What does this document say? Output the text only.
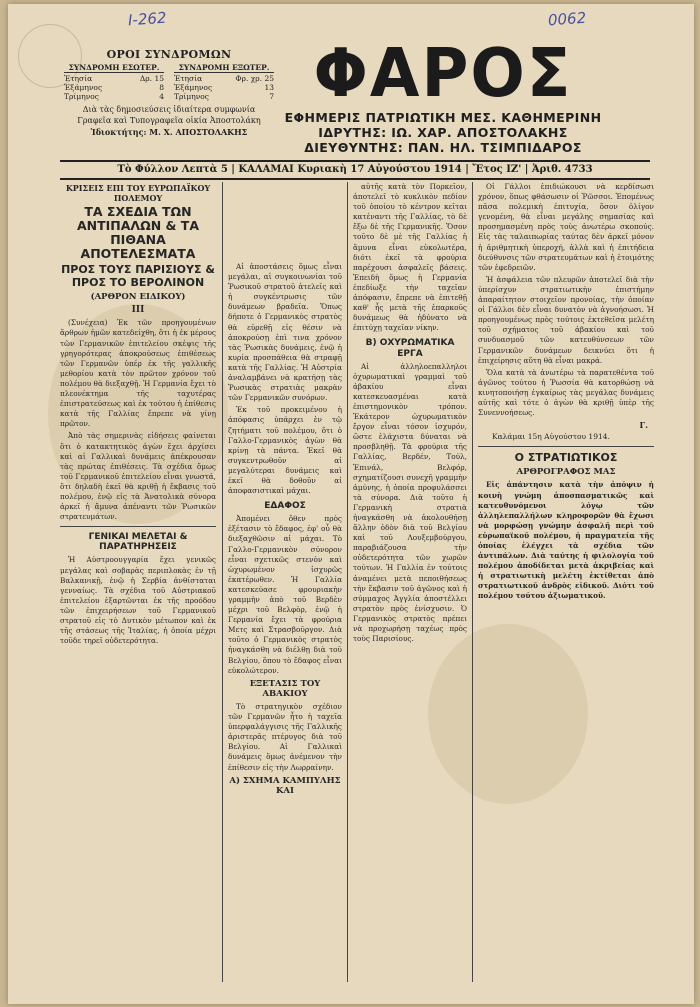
Ι-262	0062
ΟΡΟΙ ΣΥΝΔΡΟΜΩΝ
ΣΥΝΔΡΟΜΗ ΕΣΩΤΕΡ.
Ἐτησία	Δρ. 15
Ἑξάμηνος	8
Τρίμηνος	4
ΣΥΝΔΡΟΜΗ ΕΞΩΤΕΡ.
Ἐτησία	Φρ. χρ. 25
Ἑξάμηνος	13
Τρίμηνος	7
Διὰ τὰς δημοσιεύσεις ἰδιαίτερα συμφωνία
Γραφεῖα καὶ Τυπογραφεῖα οἰκία Ἀποστολάκη
Ἰδιοκτήτης: Μ. Χ. ΑΠΟΣΤΟΛΑΚΗΣ
ΦΑΡΟΣ
ΕΦΗΜΕΡΙΣ ΠΑΤΡΙΩΤΙΚΗ ΜΕΣ. ΚΑΘΗΜΕΡΙΝΗ
ΙΔΡΥΤΗΣ: ΙΩ. ΧΑΡ. ΑΠΟΣΤΟΛΑΚΗΣ
ΔΙΕΥΘΥΝΤΗΣ: ΠΑΝ. ΗΛ. ΤΣΙΜΠΙΔΑΡΟΣ
Τὸ Φύλλον Λεπτὰ 5 | ΚΑΛΑΜΑΙ Κυριακὴ 17 Αὐγούστου 1914 | Ἔτος ΙΖ' | Ἀριθ. 4733
ΚΡΙΣΕΙΣ ΕΠΙ ΤΟΥ ΕΥΡΩΠΑΪΚΟΥ ΠΟΛΕΜΟΥ
ΤΑ ΣΧΕΔΙΑ ΤΩΝ ΑΝΤΙΠΑΛΩΝ & ΤΑ ΠΙΘΑΝΑ ΑΠΟΤΕΛΕΣΜΑΤΑ
ΠΡΟΣ ΤΟΥΣ ΠΑΡΙΣΙΟΥΣ & ΠΡΟΣ ΤΟ ΒΕΡΟΛΙΝΟΝ
(ΑΡΘΡΟΝ ΕΙΔΙΚΟΥ)
ΙΙΙ

(Συνέχεια) Ἐκ τῶν προηγουμένων ἄρθρων ἡμῶν κατεδείχθη, ὅτι ἡ ἐκ μέρους τῶν Γερμανικῶν ἐπιτελείου σκέψις τῆς γρηγορότερας ἀποκρούσεως ἐπιθέσεως τῶν Γερμανῶν ὑπέρ ἐκ τῆς γαλλικῆς μεθορίου κατὰ τὸν πρῶτον χρόνον τοῦ πολέμου θὰ διεξαχθῇ. Ἡ Γερμανία ἔχει τὸ πλεονέκτημα τῆς ταχυτέρας ἐπιστρατεύσεως καὶ ἐκ τούτου ἡ ἐπίθεσις κατὰ τῆς Γαλλίας ἔπρεπε νὰ γίνῃ πρῶτον.

Ἀπὸ τὰς σημερινὰς εἰδήσεις φαίνεται ὅτι ὁ κατακτητικὸς ἀγὼν ἔχει ἀρχίσει καὶ αἱ Γαλλικαὶ δυνάμεις ἀπέκρουσαν τὰς πρώτας ἐπιθέσεις. Τὰ σχέδια ὅμως τοῦ Γερμανικοῦ ἐπιτελείου εἶναι γνωστά, ὅτι δηλαδὴ ἐκεῖ θὰ κριθῇ ἡ ἔκβασις τοῦ πολέμου, ἐνῷ εἰς τὰ Ἀνατολικὰ σύνορα ἀρκεῖ ἡ ἄμυνα ἀπέναντι τῶν Ῥωσικῶν στρατευμάτων.

ΓΕΝΙΚΑΙ ΜΕΛΕΤΑΙ & ΠΑΡΑΤΗΡΗΣΕΙΣ

Ἡ Αὐστροουγγαρία ἔχει γενικῶς μεγάλας καὶ σοβαρὰς περιπλοκὰς ἐν τῇ Βαλκανικῇ, ἐνῷ ἡ Σερβία ἀνθίσταται γενναίως. Τὰ σχέδια τοῦ Αὐστριακοῦ ἐπιτελείου ἐξαρτῶνται ἐκ τῆς προόδου τῶν ἐπιχειρήσεων τοῦ Γερμανικοῦ στρατοῦ εἰς τὸ Δυτικὸν μέτωπον καὶ ἐκ τῆς στάσεως τῆς Ἰταλίας, ἡ ὁποία μέχρι τοῦδε τηρεῖ οὐδετερότητα.

Αἱ ἀποστάσεις ὅμως εἶναι μεγάλαι, αἱ συγκοινωνίαι τοῦ Ῥωσικοῦ στρατοῦ ἀτελεῖς καὶ ἡ συγκέντρωσις τῶν δυνάμεων βραδεῖα. Ὅπως δήποτε ὁ Γερμανικὸς στρατὸς θὰ εὑρεθῇ εἰς θέσιν νὰ ἀποκρούσῃ ἐπὶ τινα χρόνον τὰς Ῥωσικὰς δυνάμεις, ἐνῷ ἡ κυρία προσπάθεια θὰ στραφῇ κατὰ τῆς Γαλλίας. Ἡ Αὐστρία ἀναλαμβάνει νὰ κρατήσῃ τὰς Ῥωσικὰς στρατιὰς μακρὰν τῶν Γερμανικῶν συνόρων.

Ἐκ τοῦ προκειμένου ἡ ἀπόφασις ὑπάρχει ἐν τῷ ζητήματι τοῦ πολέμου, ὅτι ὁ Γαλλο-Γερμανικὸς ἀγὼν θὰ κρίνῃ τὰ πάντα. Ἐκεῖ θὰ συγκεντρωθοῦν αἱ μεγαλύτεραι δυνάμεις καὶ ἐκεῖ θὰ δοθοῦν αἱ ἀποφασιστικαὶ μάχαι.

ΕΔΑΦΟΣ

Ἀπομένει ὅθεν πρὸς ἐξέτασιν τὸ ἔδαφος, ἐφ' οὗ θὰ διεξαχθῶσιν αἱ μάχαι. Τὸ Γαλλο-Γερμανικὸν σύνορον εἶναι σχετικῶς στενὸν καὶ ὠχυρωμένον ἰσχυρῶς ἐκατέρωθεν. Ἡ Γαλλία κατεσκεύασε φρουριακὴν γραμμὴν ἀπὸ τοῦ Βερδὲν μέχρι τοῦ Βελφὸρ, ἐνῷ ἡ Γερμανία ἔχει τὰ φρούρια Μετς καὶ Στρασβοῦργον. Διὰ τοῦτο ὁ Γερμανικὸς στρατὸς ἠναγκάσθη νὰ διέλθῃ διὰ τοῦ Βελγίου, ὅπου τὸ ἔδαφος εἶναι εὐκολώτερον.

ΕΞΕΤΑΣΙΣ ΤΟΥ ΑΒΑΚΙΟΥ

Τὸ στρατηγικὸν σχέδιον τῶν Γερμανῶν ἦτο ἡ ταχεῖα ὑπερφαλάγγισις τῆς Γαλλικῆς ἀριστερᾶς πτέρυγος διὰ τοῦ Βελγίου. Αἱ Γαλλικαὶ δυνάμεις ὅμως ἀνέμενον τὴν ἐπίθεσιν εἰς τὴν Λωρραίνην.

Α) ΣΧΗΜΑ ΚΑΜΠΥΛΗΣ ΚΑΙ

αὐτῆς κατὰ τὸν Πορκεῖον, ἀποτελεῖ τὸ κυκλικὸν πεδίον τοῦ ὁποίου τὸ κέντρον κεῖται κατέναντι τῆς Γαλλίας, τὸ δὲ ἔξω δὲ τῆς Γερμανικῆς. Ὅσον τοῦτο δὲ μὲ τῆς Γαλλίας ἡ ἄμυνα εἶναι εὐκολωτέρα, διότι ἐκεῖ τὰ φρούρια παρέχουσι ἀσφαλεῖς βάσεις. Ἐπειδὴ ὅμως ἡ Γερμανία ἐπεδίωξε τὴν ταχεῖαν ἀπόφασιν, ἔπρεπε νὰ ἐπιτεθῇ καθ' ἧς μετὰ τῆς ἐπαρκοῦς δυνάμεως θὰ ἠδύνατο νὰ ἐπιτύχῃ ταχεῖαν νίκην.

Β) ΟΧΥΡΩΜΑΤΙΚΑ ΕΡΓΑ

Αἱ ἀλληλοεπαλληλοι ὀχυρωματικαὶ γραμμαὶ τοῦ ἀβακίου εἶναι κατεσκευασμέναι κατὰ ἐπιστημονικὸν τρόπον. Ἐκάτερον ὠχυρωματικὸν ἔργον εἶναι τόσον ἰσχυρόν, ὥστε ἐλάχιστα δύναται νὰ προσβληθῇ. Τὰ φρούρια τῆς Γαλλίας, Βερδέν, Τούλ, Ἐπινάλ, Βελφόρ, σχηματίζουσι συνεχῆ γραμμὴν ἀμύνης, ἡ ὁποία προφυλάσσει τὰ σύνορα. Διὰ τοῦτο ἡ Γερμανικὴ στρατιὰ ἠναγκάσθη νὰ ἀκολουθήσῃ ἄλλην ὁδὸν διὰ τοῦ Βελγίου καὶ τοῦ Λουξεμβούργου, παραβιάζουσα τὴν οὐδετερότητα τῶν χωρῶν τούτων. Ἡ Γαλλία ἐν τούτοις ἀναμένει μετὰ πεποιθήσεως τὴν ἔκβασιν τοῦ ἀγῶνος καὶ ἡ σύμμαχος Ἀγγλία ἀποστέλλει στρατὸν πρὸς ἐνίσχυσιν. Ὁ Γερμανικὸς στρατὸς πρέπει νὰ προχωρήσῃ ταχέως πρὸς τοὺς Παρισίους.

Οἱ Γάλλοι ἐπιδιώκουσι νὰ κερδίσωσι χρόνον, ὅπως φθάσωσιν οἱ Ῥῶσσοι. Ἐπομένως πᾶσα πολεμικὴ ἐπιτυχία, ὅσον ὀλίγον γενομένη, θὰ εἶναι μεγάλης σημασίας καὶ προσημασμένη πρὸς τοὺς ἀνωτέρω σκοπούς. Εἰς τὰς ταλαιπωρίας ταύτας δὲν ἀρκεῖ μόνον ἡ ἀριθμητικὴ ὑπεροχή, ἀλλὰ καὶ ἡ ἐπιτήδεια διεύθυνσις τῶν στρατευμάτων καὶ ἡ ἑτοιμότης τῶν ἐφεδρειῶν.

Ἡ ἀσφάλεια τῶν πλευρῶν ἀποτελεῖ διὰ τὴν ὑπερίσχυν στρατιωτικὴν ἐπιστήμην ἀπαραίτητον στοιχεῖον προνοίας, τὴν ὁποίαν οἱ Γάλλοι δὲν εἶναι δυνατὸν νὰ ἀγνοήσωσι. Ἡ προηγουμένως πρὸς τούτοις ἐκτεθεῖσα μελέτη τοῦ σχήματος τοῦ ἀβακίου καὶ τοῦ συνδυασμοῦ τῶν κατευθύνσεων τῶν Γερμανικῶν δυνάμεων δεικνύει ὅτι ἡ ἐπιχείρησις αὕτη θὰ εἶναι μακρά.

Ὅλα κατὰ τὰ ἀνωτέρω τὰ παρατεθέντα τοῦ ἀγῶνος τούτου ἡ Ῥωσσία θὰ κατορθώσῃ νὰ κινητοποιήσῃ ἐγκαίρως τὰς μεγάλας δυνάμεις αὐτῆς καὶ τότε ὁ ἀγὼν θὰ κριθῇ ὑπὲρ τῆς Συνεννοήσεως.

Γ.
Καλάμαι 15η Αὐγούστου 1914.
Ο ΣΤΡΑΤΙΩΤΙΚΟΣ
ΑΡΘΡΟΓΡΑΦΟΣ ΜΑΣ

Εἰς ἀπάντησιν κατὰ τὴν ἀπόψιν ἡ κοινὴ γνώμη ἀποσπασματικῶς καὶ κατευθυνόμενοι λόγῳ τῶν ἀλληλεπαλλήλων κληροφορῶν θὰ ἔχωσι νὰ μορφώσῃ γνώμην ἀσφαλῆ περὶ τοῦ εὐρωπαϊκοῦ πολέμου, ἡ πραγματεία τῆς ὁποίας ἐλέγχει τὰ σχέδια τῶν ἀντιπάλων. Διὰ ταύτης ἡ φιλολογία τοῦ πολέμου ἀποδίδεται μετὰ ἀκριβείας καὶ ἡ στρατιωτικὴ μελέτη ἐκτίθεται ἀπὸ στρατιωτικοῦ ἀνδρὸς εἰδικοῦ. Διότι τοῦ πολέμου τούτου ἀξιωματικοῦ.
